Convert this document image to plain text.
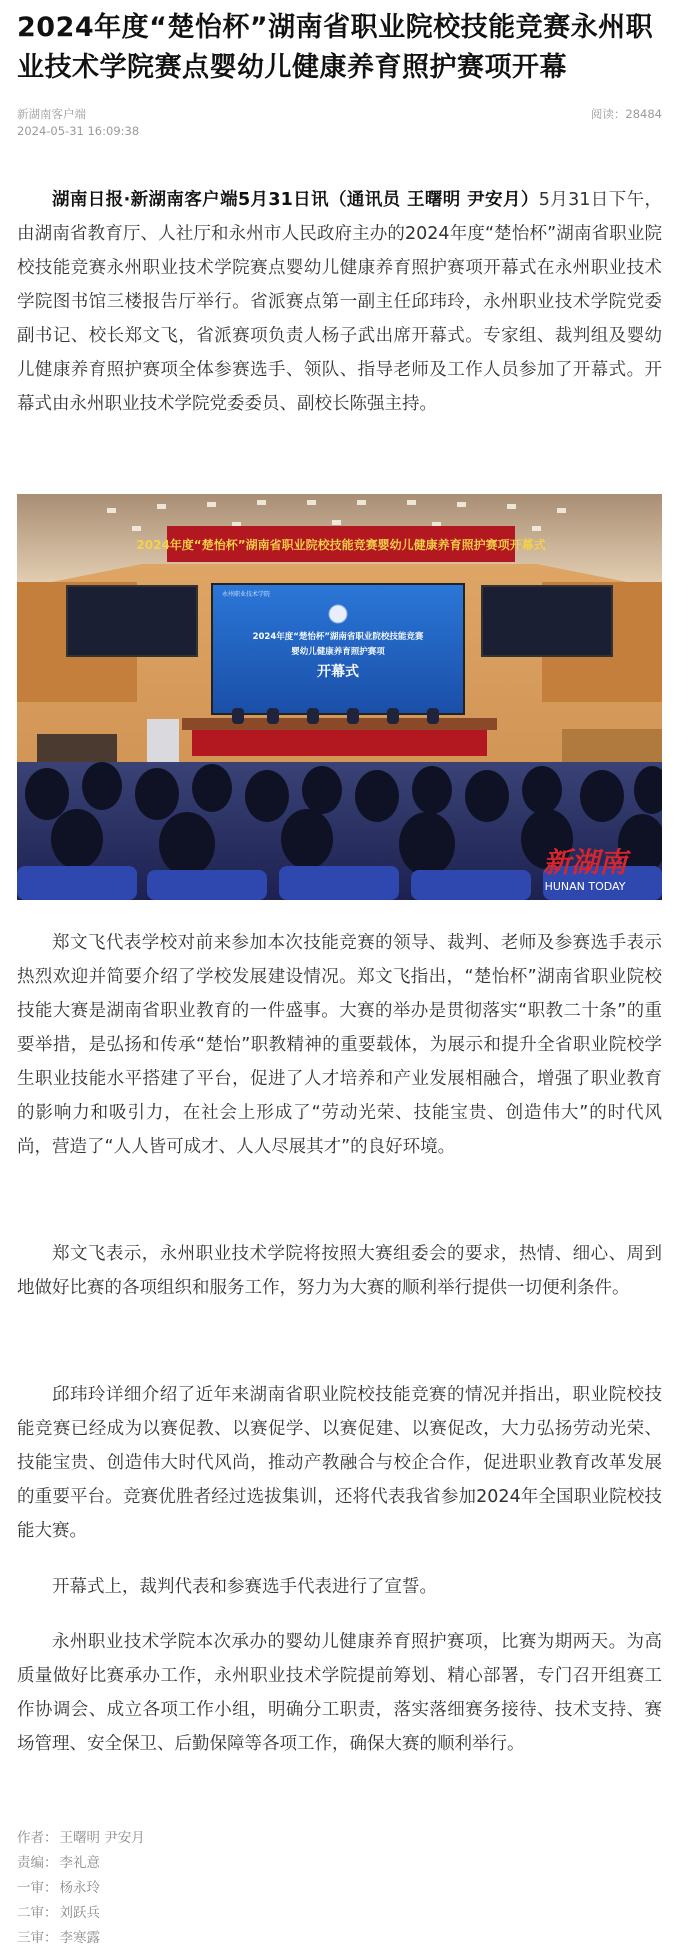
2024年度“楚怡杯”湖南省职业院校技能竞赛永州职业技术学院赛点婴幼儿健康养育照护赛项开幕
新湖南客户端	阅读：28484
2024-05-31 16:09:38

湖南日报·新湖南客户端5月31日讯（通讯员 王曙明 尹安月）5月31日下午，由湖南省教育厅、人社厅和永州市人民政府主办的2024年度“楚怡杯”湖南省职业院校技能竞赛永州职业技术学院赛点婴幼儿健康养育照护赛项开幕式在永州职业技术学院图书馆三楼报告厅举行。省派赛点第一副主任邱玮玲，永州职业技术学院党委副书记、校长郑文飞，省派赛项负责人杨子武出席开幕式。专家组、裁判组及婴幼儿健康养育照护赛项全体参赛选手、领队、指导老师及工作人员参加了开幕式。开幕式由永州职业技术学院党委委员、副校长陈强主持。

2024年度“楚怡杯”湖南省职业院校技能竞赛婴幼儿健康养育照护赛项开幕式
永州职业技术学院
2024年度“楚怡杯”湖南省职业院校技能竞赛
婴幼儿健康养育照护赛项
开幕式
新湖南
HUNAN TODAY

郑文飞代表学校对前来参加本次技能竞赛的领导、裁判、老师及参赛选手表示热烈欢迎并简要介绍了学校发展建设情况。郑文飞指出，“楚怡杯”湖南省职业院校技能大赛是湖南省职业教育的一件盛事。大赛的举办是贯彻落实“职教二十条”的重要举措，是弘扬和传承“楚怡”职教精神的重要载体，为展示和提升全省职业院校学生职业技能水平搭建了平台，促进了人才培养和产业发展相融合，增强了职业教育的影响力和吸引力，在社会上形成了“劳动光荣、技能宝贵、创造伟大”的时代风尚，营造了“人人皆可成才、人人尽展其才”的良好环境。

郑文飞表示，永州职业技术学院将按照大赛组委会的要求，热情、细心、周到地做好比赛的各项组织和服务工作，努力为大赛的顺利举行提供一切便利条件。

邱玮玲详细介绍了近年来湖南省职业院校技能竞赛的情况并指出，职业院校技能竞赛已经成为以赛促教、以赛促学、以赛促建、以赛促改，大力弘扬劳动光荣、技能宝贵、创造伟大时代风尚，推动产教融合与校企合作，促进职业教育改革发展的重要平台。竞赛优胜者经过选拔集训，还将代表我省参加2024年全国职业院校技能大赛。

开幕式上，裁判代表和参赛选手代表进行了宣誓。

永州职业技术学院本次承办的婴幼儿健康养育照护赛项，比赛为期两天。为高质量做好比赛承办工作，永州职业技术学院提前筹划、精心部署，专门召开组赛工作协调会、成立各项工作小组，明确分工职责，落实落细赛务接待、技术支持、赛场管理、安全保卫、后勤保障等各项工作，确保大赛的顺利举行。

作者： 王曙明 尹安月
责编： 李礼意
一审： 杨永玲
二审： 刘跃兵
三审： 李寒露
